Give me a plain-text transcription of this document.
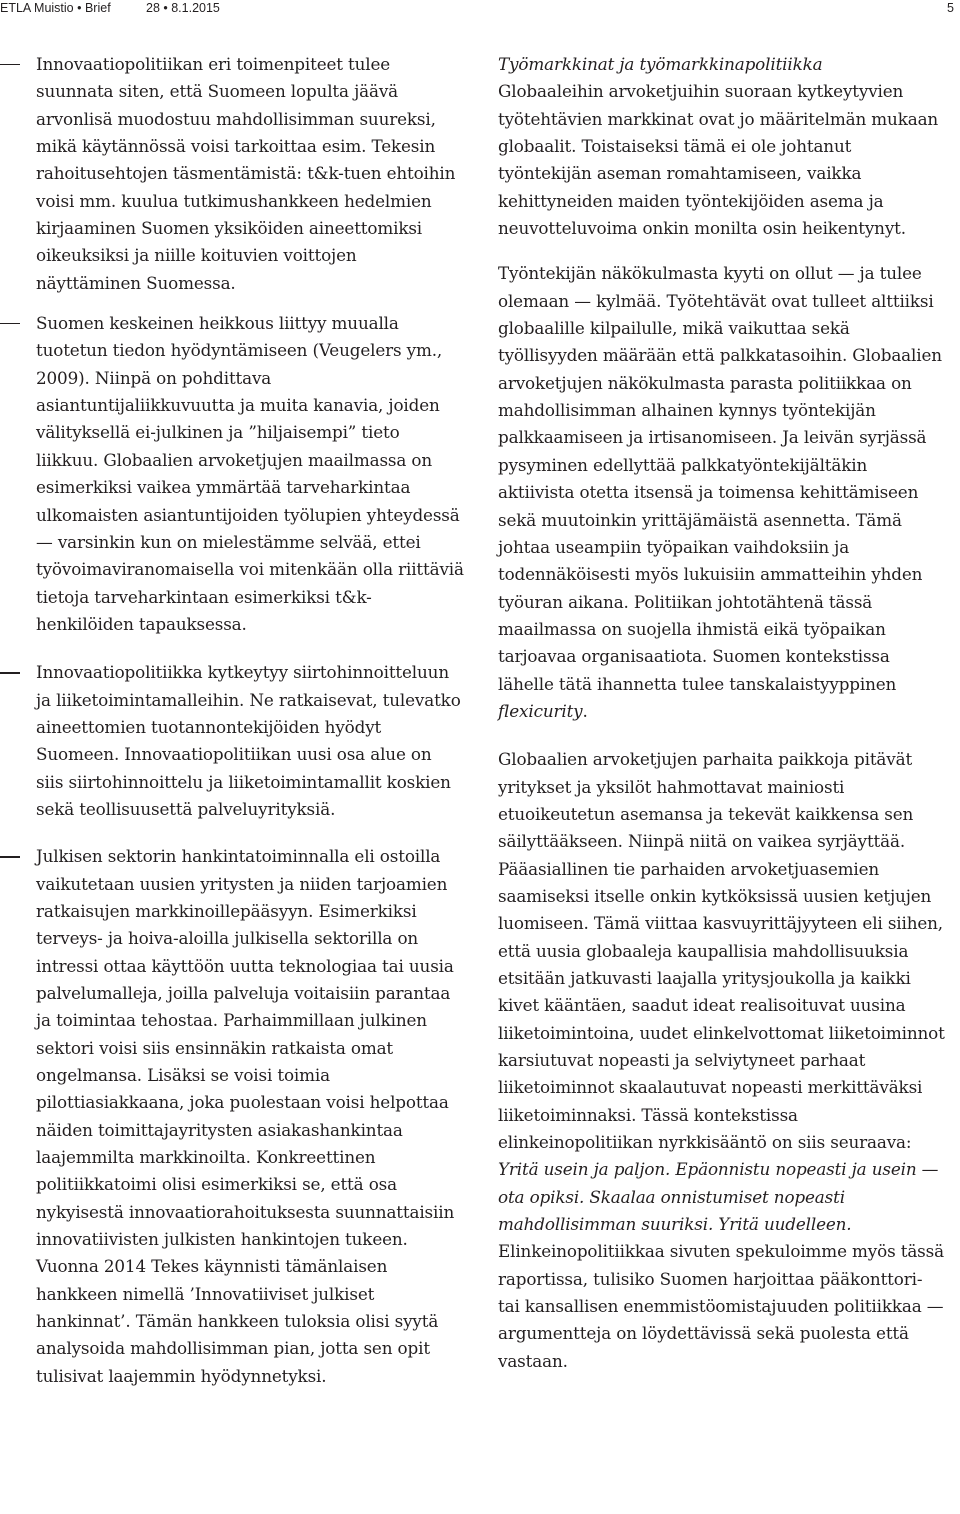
ETLA Muistio • Brief	28 • 8.1.2015	5

Innovaatiopolitiikan eri toimenpiteet tulee suunnata siten, että Suomeen lopulta jäävä arvonlisä muodostuu mahdollisimman suureksi, mikä käytännössä voisi tarkoittaa esim. Tekesin rahoitusehtojen täsmentämistä: t&k-tuen ehtoihin voisi mm. kuulua tutkimushankkeen hedelmien kirjaaminen Suomen yksiköiden aineettomiksi oikeuksiksi ja niille koituvien voittojen näyttäminen Suomessa.

Suomen keskeinen heikkous liittyy muualla tuotetun tiedon hyödyntämiseen (Veugelers ym., 2009). Niinpä on pohdittava asiantuntijaliikkuvuutta ja muita kanavia, joiden välityksellä ei-julkinen ja ”hiljaisempi” tieto liikkuu. Globaalien arvoketjujen maailmassa on esimerkiksi vaikea ymmärtää tarveharkintaa ulkomaisten asiantuntijoiden työlupien yhteydessä — varsinkin kun on mielestämme selvää, ettei työvoimaviranomaisella voi mitenkään olla riittäviä tietoja tarveharkintaan esimerkiksi t&k-henkilöiden tapauksessa.

Innovaatiopolitiikka kytkeytyy siirtohinnoitteluun ja liiketoimintamalleihin. Ne ratkaisevat, tulevatko aineettomien tuotannontekijöiden hyödyt Suomeen. Innovaatiopolitiikan uusi osa alue on siis siirtohinnoittelu ja liiketoimintamallit koskien sekä teollisuusettä palveluyrityksiä.

Julkisen sektorin hankintatoiminnalla eli ostoilla vaikutetaan uusien yritysten ja niiden tarjoamien ratkaisujen markkinoillepääsyyn. Esimerkiksi terveys- ja hoiva-aloilla julkisella sektorilla on intressi ottaa käyttöön uutta teknologiaa tai uusia palvelumalleja, joilla palveluja voitaisiin parantaa ja toimintaa tehostaa. Parhaimmillaan julkinen sektori voisi siis ensinnäkin ratkaista omat ongelmansa. Lisäksi se voisi toimia pilottiasiakkaana, joka puolestaan voisi helpottaa näiden toimittajayritysten asiakashankintaa laajemmilta markkinoilta. Konkreettinen politiikkatoimi olisi esimerkiksi se, että osa nykyisestä innovaatiorahoituksesta suunnattaisiin innovatiivisten julkisten hankintojen tukeen. Vuonna 2014 Tekes käynnisti tämänlaisen hankkeen nimellä ’Innovatiiviset julkiset hankinnat’. Tämän hankkeen tuloksia olisi syytä analysoida mahdollisimman pian, jotta sen opit tulisivat laajemmin hyödynnetyksi.

Työmarkkinat ja työmarkkinapolitiikka

Globaaleihin arvoketjuihin suoraan kytkeytyvien työtehtävien markkinat ovat jo määritelmän mukaan globaalit. Toistaiseksi tämä ei ole johtanut työntekijän aseman romahtamiseen, vaikka kehittyneiden maiden työntekijöiden asema ja neuvotteluvoima onkin monilta osin heikentynyt.

Työntekijän näkökulmasta kyyti on ollut — ja tulee olemaan — kylmää. Työtehtävät ovat tulleet alttiiksi globaalille kilpailulle, mikä vaikuttaa sekä työllisyyden määrään että palkkatasoihin. Globaalien arvoketjujen näkökulmasta parasta politiikkaa on mahdollisimman alhainen kynnys työntekijän palkkaamiseen ja irtisanomiseen. Ja leivän syrjässä pysyminen edellyttää palkkatyöntekijältäkin aktiivista otetta itsensä ja toimensa kehittämiseen sekä muutoinkin yrittäjämäistä asennetta. Tämä johtaa useampiin työpaikan vaihdoksiin ja todennäköisesti myös lukuisiin ammatteihin yhden työuran aikana. Politiikan johtotähtenä tässä maailmassa on suojella ihmistä eikä työpaikan tarjoavaa organisaatiota. Suomen kontekstissa lähelle tätä ihannetta tulee tanskalaistyyppinen flexicurity.

Globaalien arvoketjujen parhaita paikkoja pitävät yritykset ja yksilöt hahmottavat mainiosti etuoikeutetun asemansa ja tekevät kaikkensa sen säilyttääkseen. Niinpä niitä on vaikea syrjäyttää. Pääasiallinen tie parhaiden arvoketjuasemien saamiseksi itselle onkin kytköksissä uusien ketjujen luomiseen. Tämä viittaa kasvuyrittäjyyteen eli siihen, että uusia globaaleja kaupallisia mahdollisuuksia etsitään jatkuvasti laajalla yritysjoukolla ja kaikki kivet kääntäen, saadut ideat realisoituvat uusina liiketoimintoina, uudet elinkelvottomat liiketoiminnot karsiutuvat nopeasti ja selviytyneet parhaat liiketoiminnot skaalautuvat nopeasti merkittäväksi liiketoiminnaksi. Tässä kontekstissa elinkeinopolitiikan nyrkkisääntö on siis seuraava: Yritä usein ja paljon. Epäonnistu nopeasti ja usein — ota opiksi. Skaalaa onnistumiset nopeasti mahdollisimman suuriksi. Yritä uudelleen. Elinkeinopolitiikkaa sivuten spekuloimme myös tässä raportissa, tulisiko Suomen harjoittaa pääkonttori- tai kansallisen enemmistöomistajuuden politiikkaa — argumentteja on löydettävissä sekä puolesta että vastaan.
